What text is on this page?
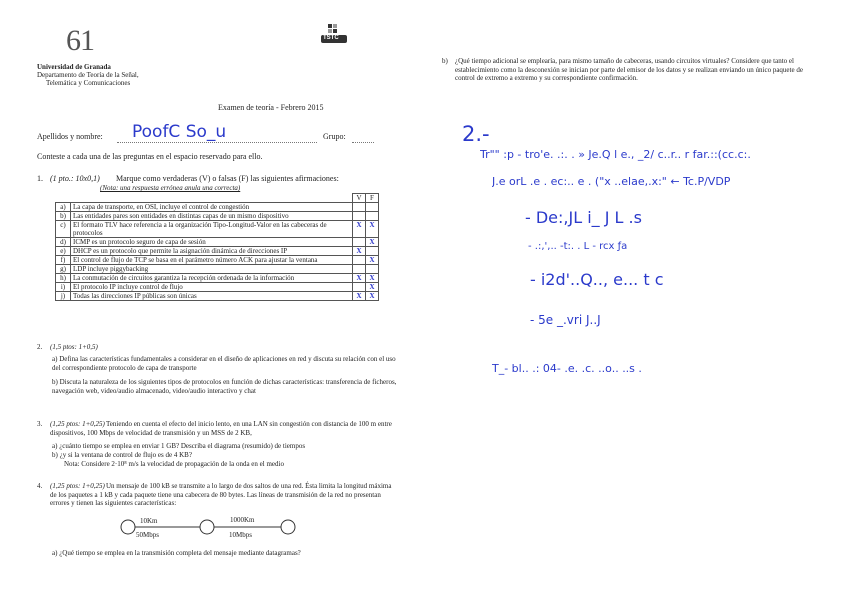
61
Universidad de Granada
Departamento de Teoría de la Señal,
Telemática y Comunicaciones
TSTC
Examen de teoría - Febrero 2015
Apellidos y nombre: PoofC So_u	Grupo:
Conteste a cada una de las preguntas en el espacio reservado para ello.
1. (1 pto.: 10x0,1) Marque como verdaderas (V) o falsas (F) las siguientes afirmaciones:
(Nota: una respuesta errónea anula una correcta)
		V	F
a)	La capa de transporte, en OSI, incluye el control de congestión		
b)	Las entidades pares son entidades en distintas capas de un mismo dispositivo		
c)	El formato TLV hace referencia a la organización Tipo-Longitud-Valor en las cabeceras de protocolos	X	X
d)	ICMP es un protocolo seguro de capa de sesión		X
e)	DHCP es un protocolo que permite la asignación dinámica de direcciones IP	X	
f)	El control de flujo de TCP se basa en el parámetro número ACK para ajustar la ventana		X
g)	LDP incluye piggybacking		
h)	La conmutación de circuitos garantiza la recepción ordenada de la información	X	X
i)	El protocolo IP incluye control de flujo		X
j)	Todas las direcciones IP públicas son únicas	X	X
2. (1,5 ptos: 1+0,5)
a) Defina las características fundamentales a considerar en el diseño de aplicaciones en red y discuta su relación con el uso del correspondiente protocolo de capa de transporte
b) Discuta la naturaleza de los siguientes tipos de protocolos en función de dichas características: transferencia de ficheros, navegación web, video/audio almacenado, video/audio interactivo y chat
3.	Teniendo en cuenta el efecto del inicio lento, en una LAN sin congestión con distancia de 100 m entre dispositivos, 100 Mbps de velocidad de transmisión y un MSS de 2 KB,
a) ¿cuánto tiempo se emplea en enviar 1 GB? Describa el diagrama (resumido) de tiempos
b) ¿y si la ventana de control de flujo es de 4 KB?
Nota: Considere 2·10⁸ m/s la velocidad de propagación de la onda en el medio
(1,25 ptos: 1+0,25)
4.	Un mensaje de 100 kB se transmite a lo largo de dos saltos de una red. Ésta limita la longitud máxima de los paquetes a 1 kB y cada paquete tiene una cabecera de 80 bytes. Las líneas de transmisión de la red no presentan errores y tienen las siguientes características:
(1,25 ptos: 1+0,25)
10Km
50Mbps
1000Km
10Mbps
a) ¿Qué tiempo se emplea en la transmisión completa del mensaje mediante datagramas?
b) ¿Qué tiempo adicional se emplearía, para mismo tamaño de cabeceras, usando circuitos virtuales? Considere que tanto el establecimiento como la desconexión se inician por parte del emisor de los datos y se realizan enviando un único paquete de control de extremo a extremo y su correspondiente confirmación.
2.-
Tr"" :p - tro'e. .:. . » Je.Q l e., _2/ c..r.. r far.::(cc.c:.
J.e orL .e . ec:.. e . ("x ..elae,.x:" ← Tc.P/VDP
- De:,JL i_ J L .s
- .:,',.. -t:. . L - rcx ƒa
- i2d'..Q.., e... t c
- 5e _.vri J..J
T_- bl.. .: 04- .e. .c. ..o.. ..s .
